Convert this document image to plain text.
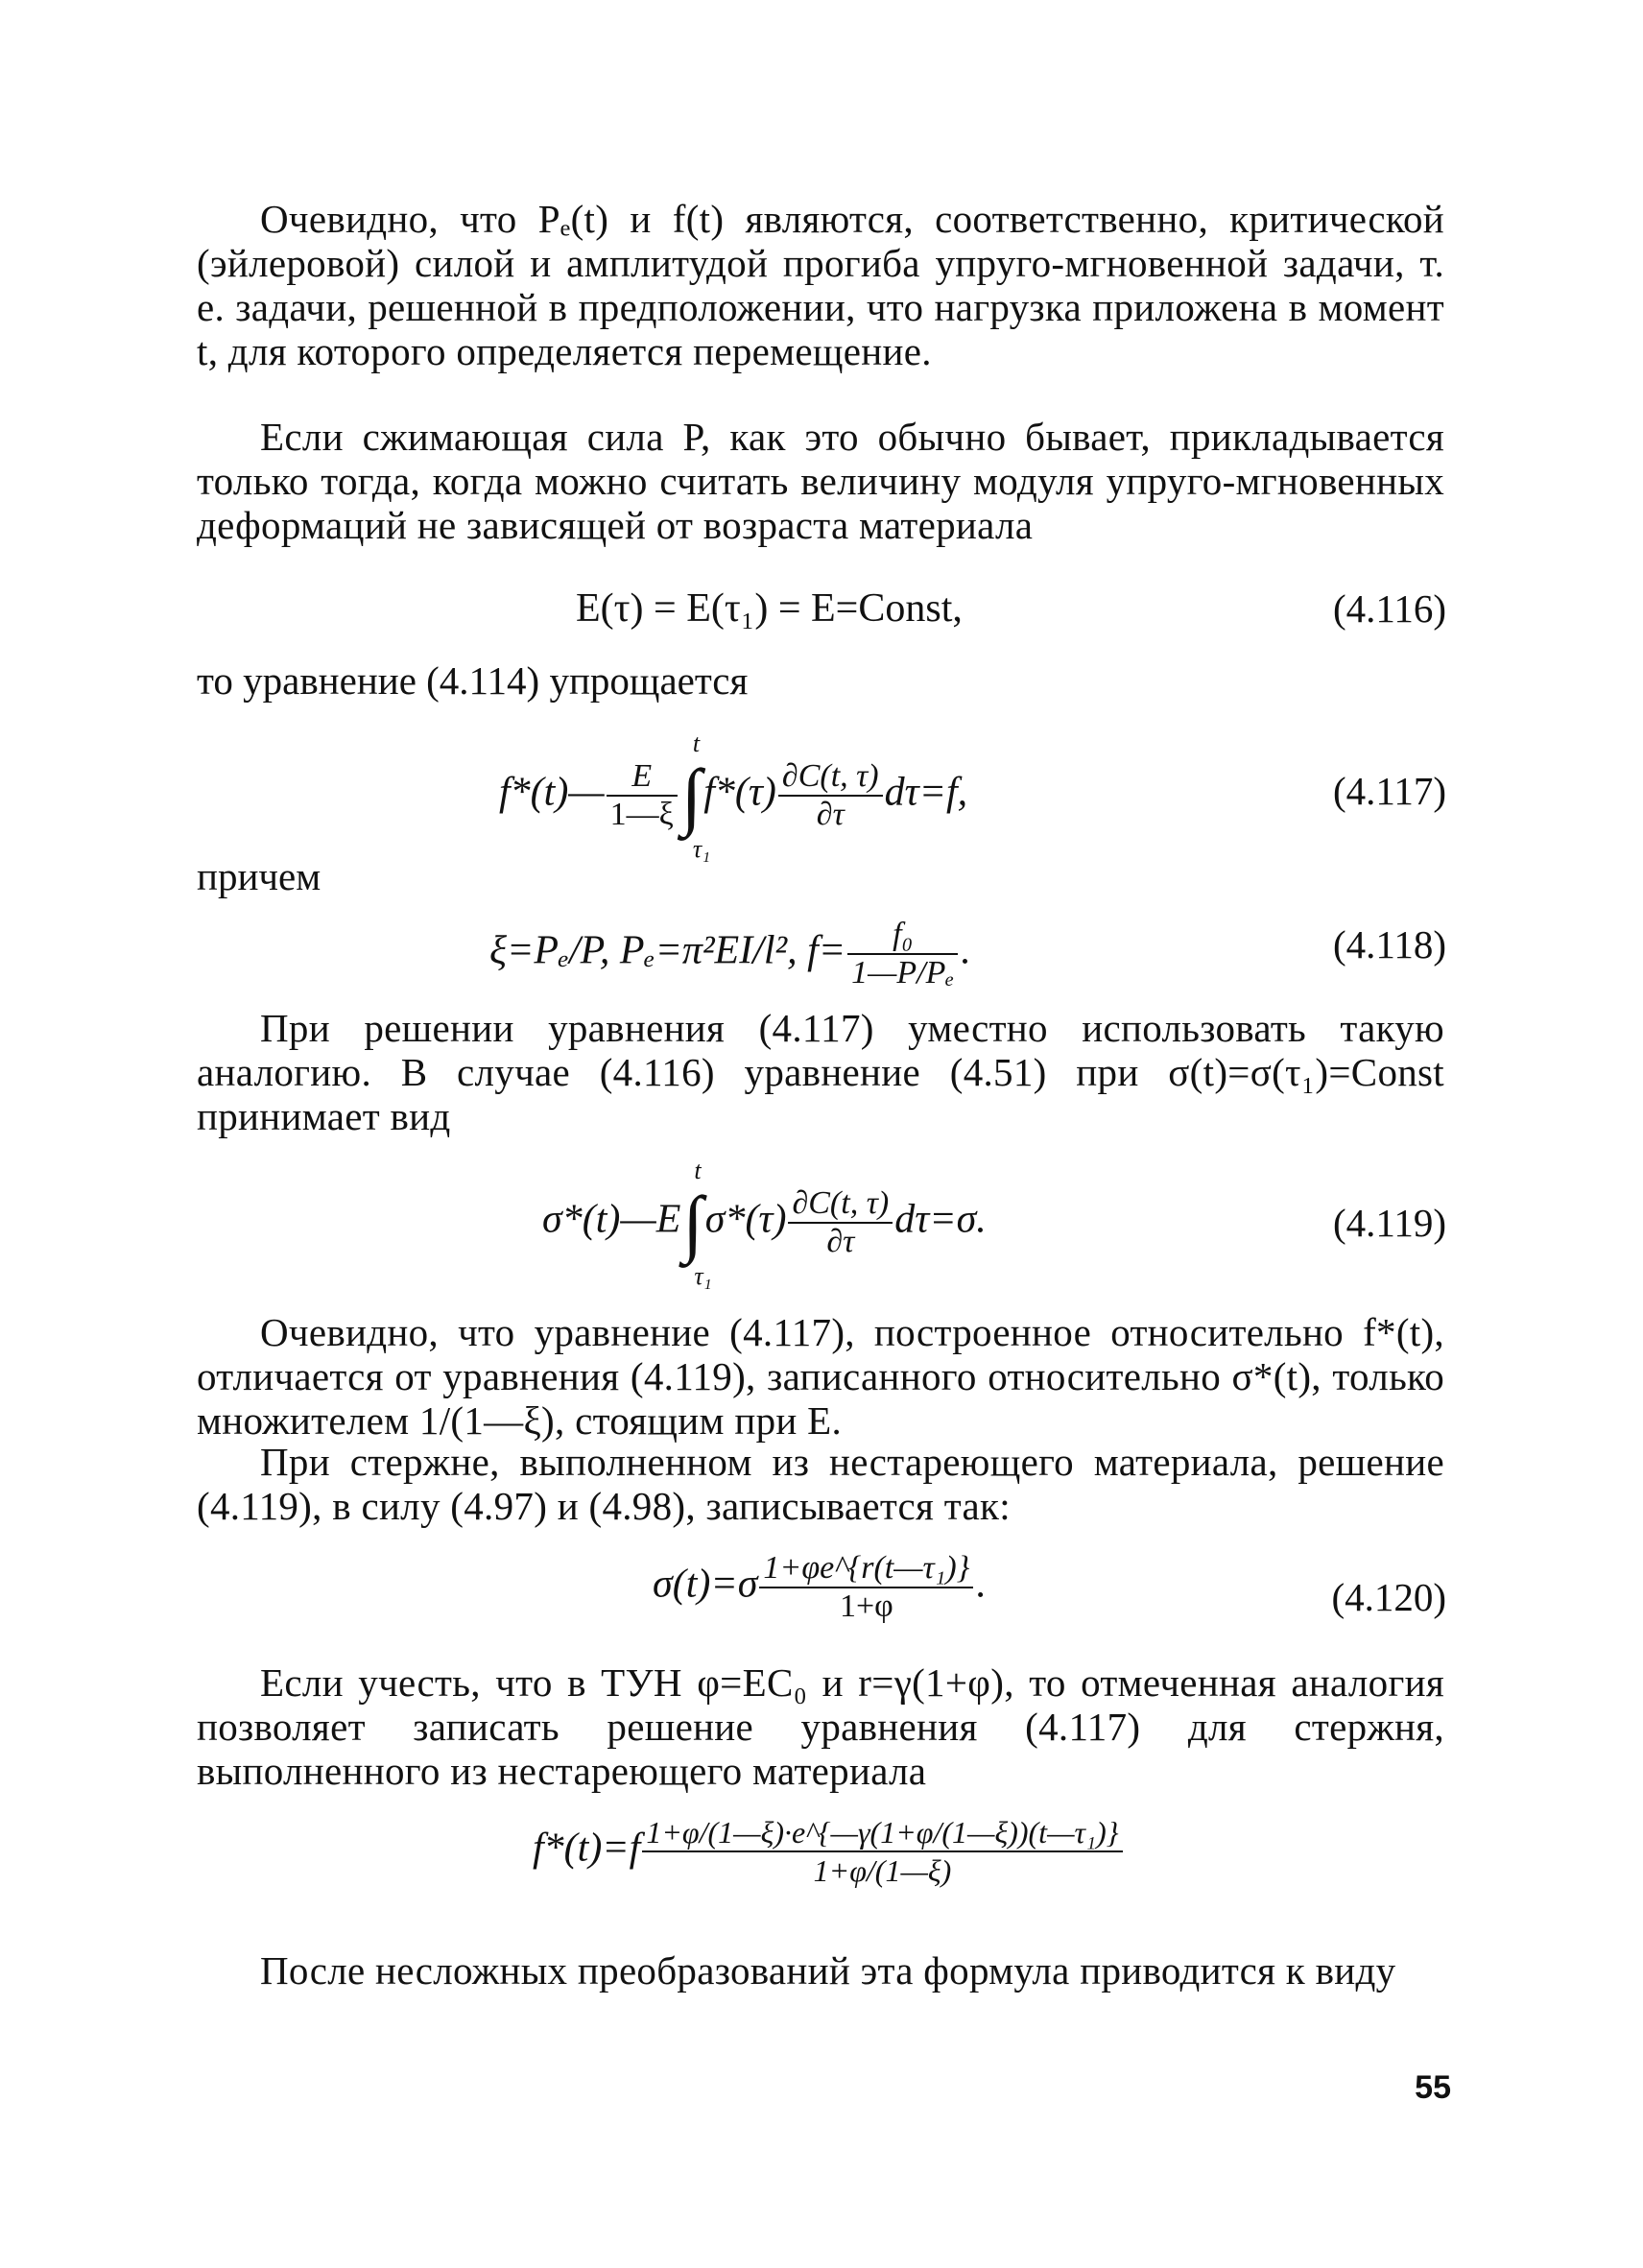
Очевидно, что Pₑ(t) и f(t) являются, соответственно, критической (эйлеровой) силой и амплитудой прогиба упруго-мгновенной задачи, т. е. задачи, решенной в предположении, что нагрузка приложена в момент t, для которого определяется перемещение.
Если сжимающая сила P, как это обычно бывает, прикладывается только тогда, когда можно считать величину модуля упруго-мгновенных деформаций не зависящей от возраста материала
E(τ) = E(τ₁) = E=Const,	(4.116)
то уравнение (4.114) упрощается
f*(t)— $\frac{E}{1—\xi}$ ∫
t
τ₁
$f*(\tau) \frac{\partial C(t, \tau)}{\partial\tau} d\tau=f$,	(4.117)
причем
ξ=Pₑ/P, Pₑ=π²EI/l², $f= \frac{\text{f₀}}{\text{1—P/Pₑ}}$ .	(4.118)
При решении уравнения (4.117) уместно использовать такую аналогию. В случае (4.116) уравнение (4.51) при σ(t)=σ(τ₁)=Const принимает вид
σ*(t)—E∫
t
τ₁
$\sigma*(\tau) \frac{\partial C(t, \tau)}{\partial\tau} d\tau=\sigma$.	(4.119)
Очевидно, что уравнение (4.117), построенное относительно f*(t), отличается от уравнения (4.119), записанного относительно σ*(t), только множителем 1/(1—ξ), стоящим при E.
При стержне, выполненном из нестареющего материала, решение (4.119), в силу (4.97) и (4.98), записывается так:
$\sigma(t)=\sigma \frac{\text{1+φe\textasciicircum{}\{r(t—τ₁)\}}}{1+\varphi}$ .	(4.120)
Если учесть, что в ТУН φ=EC₀ и r=γ(1+φ), то отмеченная аналогия позволяет записать решение уравнения (4.117) для стержня, выполненного из нестареющего материала
$f*(t)=f \frac{\text{1+φ/(1—ξ)·e\textasciicircum{}\{—γ(1+φ/(1—ξ))(t—τ₁)\}}}{1+\varphi/(1—\xi)}$
После несложных преобразований эта формула приводится к виду
55
